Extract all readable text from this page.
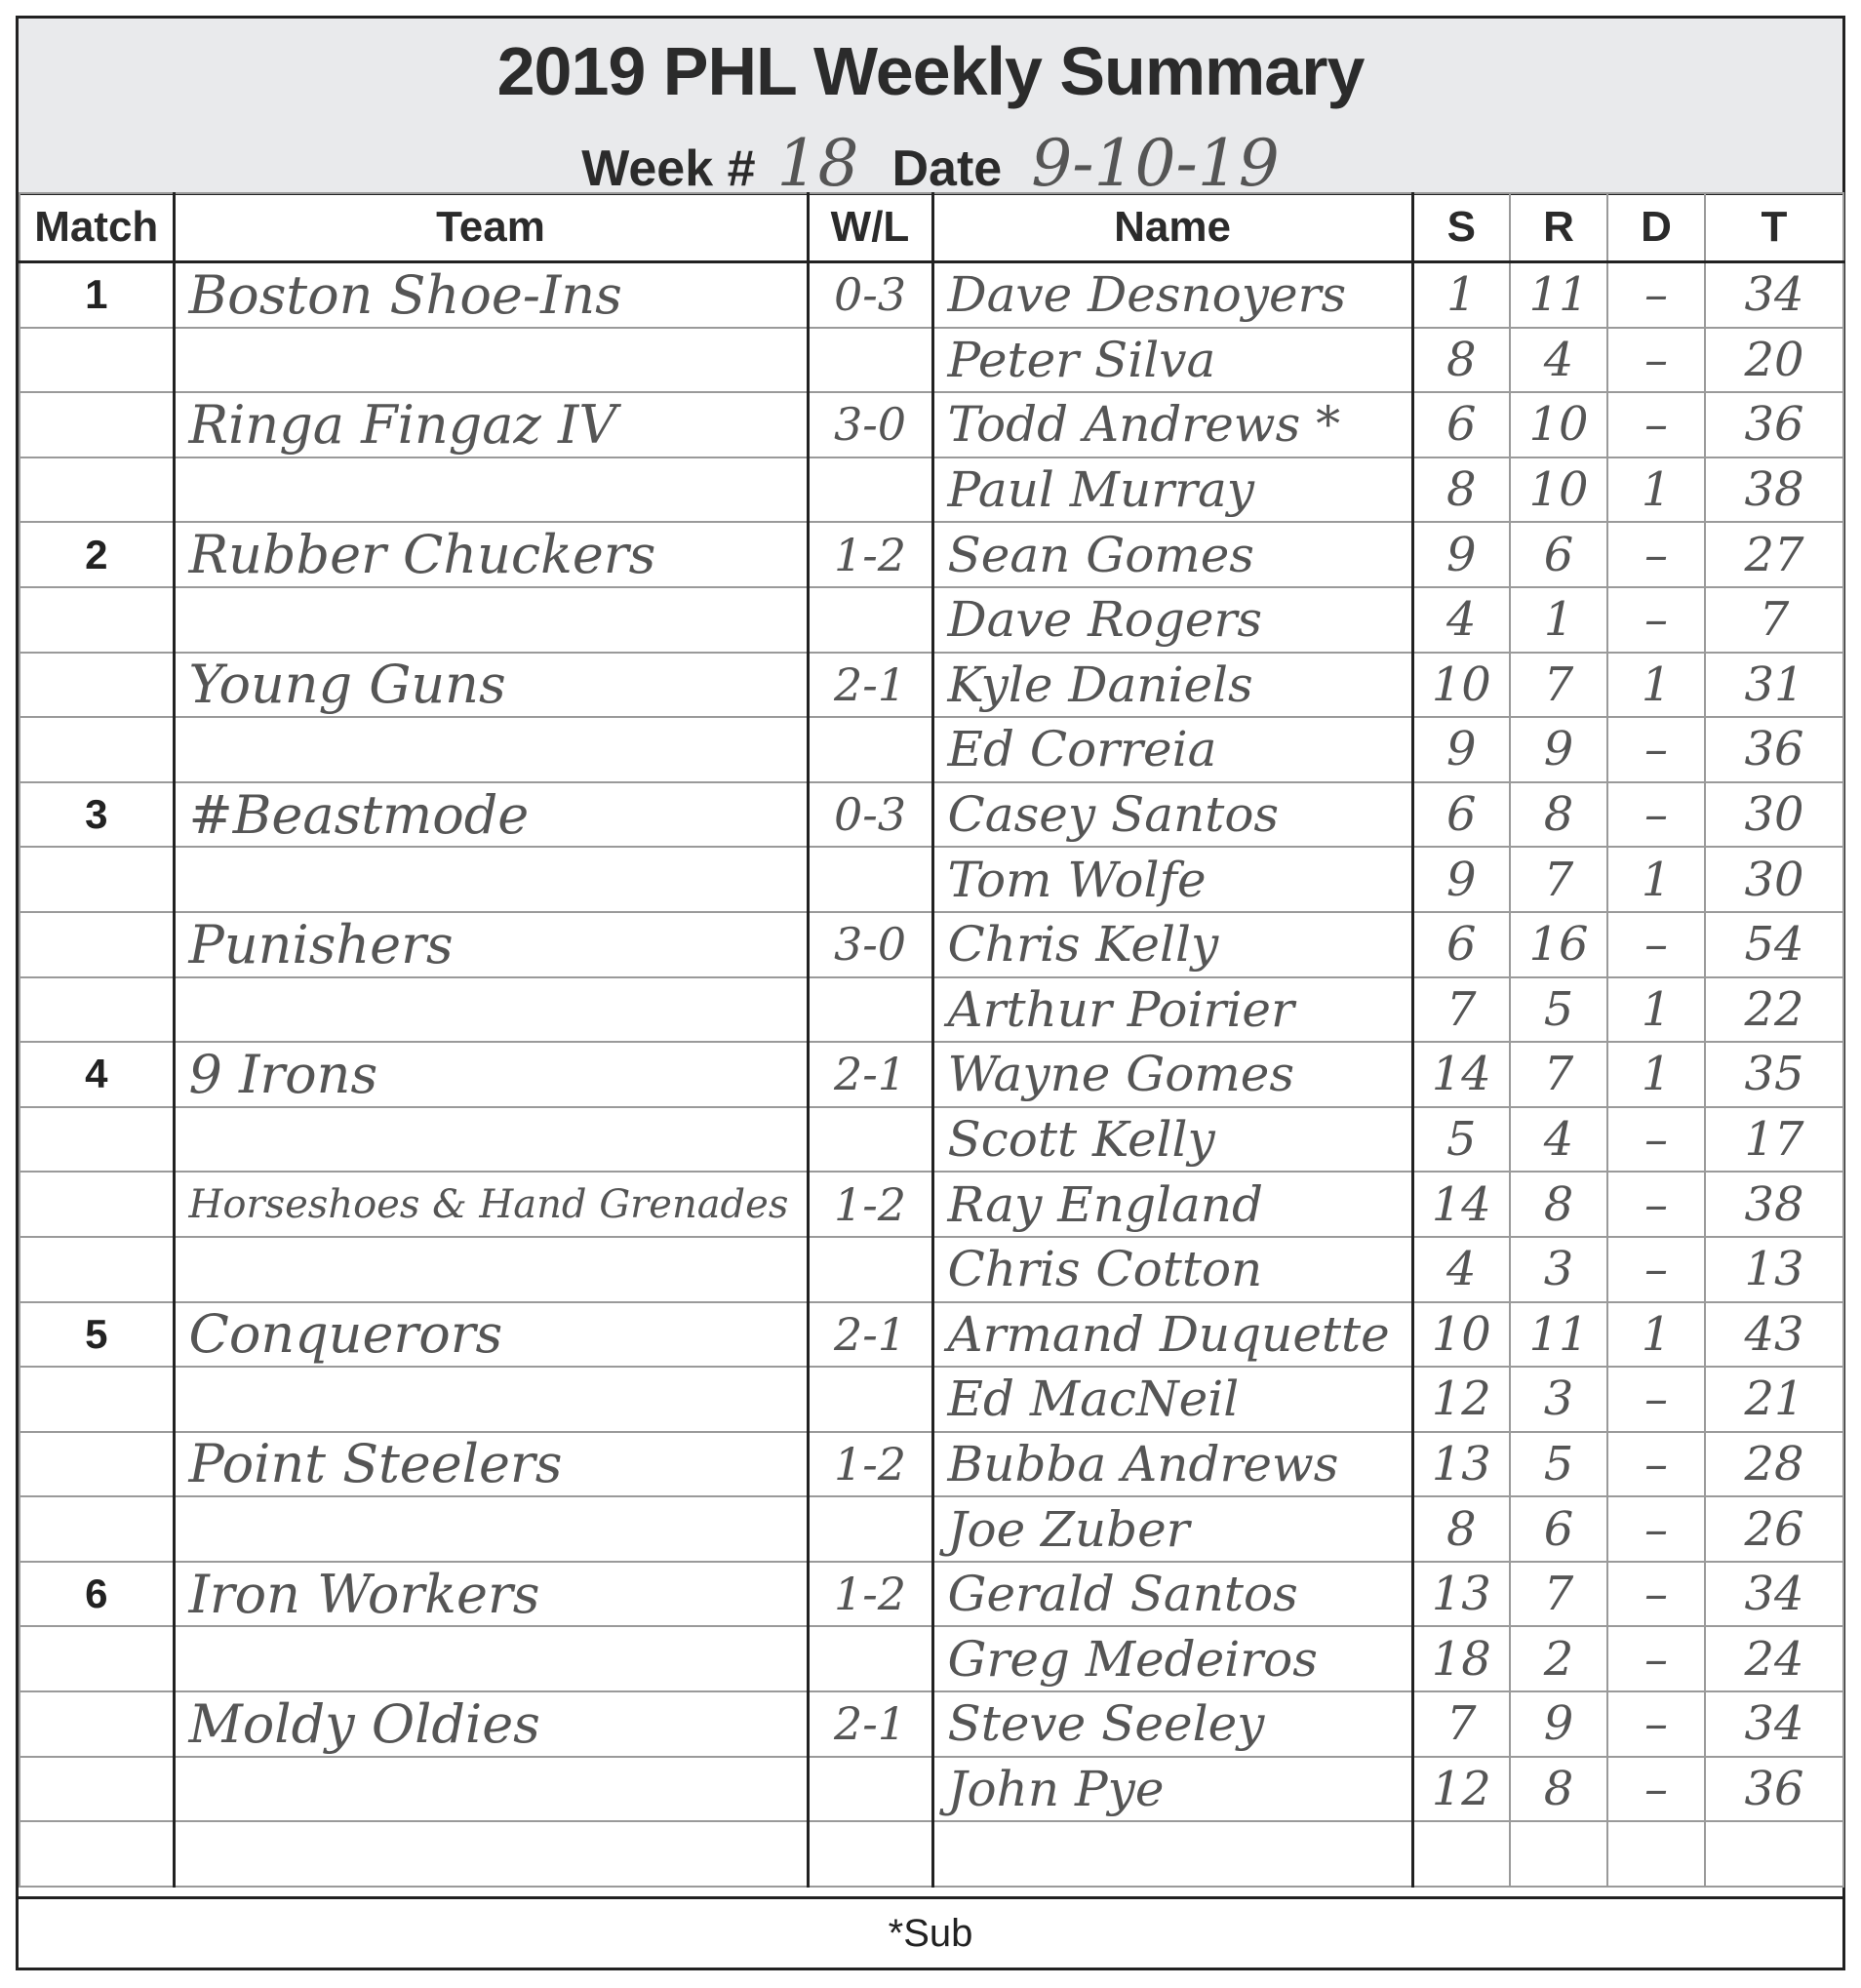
2019 PHL Weekly Summary
Week # 18 Date 9-10-19
Match	Team	W/L	Name	S	R	D	T
1	Boston Shoe-Ins	0-3	Dave Desnoyers	1	11	–	34
			Peter Silva	8	4	–	20
	Ringa Fingaz IV	3-0	Todd Andrews *	6	10	–	36
			Paul Murray	8	10	1	38
2	Rubber Chuckers	1-2	Sean Gomes	9	6	–	27
			Dave Rogers	4	1	–	7
	Young Guns	2-1	Kyle Daniels	10	7	1	31
			Ed Correia	9	9	–	36
3	#Beastmode	0-3	Casey Santos	6	8	–	30
			Tom Wolfe	9	7	1	30
	Punishers	3-0	Chris Kelly	6	16	–	54
			Arthur Poirier	7	5	1	22
4	9 Irons	2-1	Wayne Gomes	14	7	1	35
			Scott Kelly	5	4	–	17
	Horseshoes & Hand Grenades	1-2	Ray England	14	8	–	38
			Chris Cotton	4	3	–	13
5	Conquerors	2-1	Armand Duquette	10	11	1	43
			Ed MacNeil	12	3	–	21
	Point Steelers	1-2	Bubba Andrews	13	5	–	28
			Joe Zuber	8	6	–	26
6	Iron Workers	1-2	Gerald Santos	13	7	–	34
			Greg Medeiros	18	2	–	24
	Moldy Oldies	2-1	Steve Seeley	7	9	–	34
			John Pye	12	8	–	36

*Sub
